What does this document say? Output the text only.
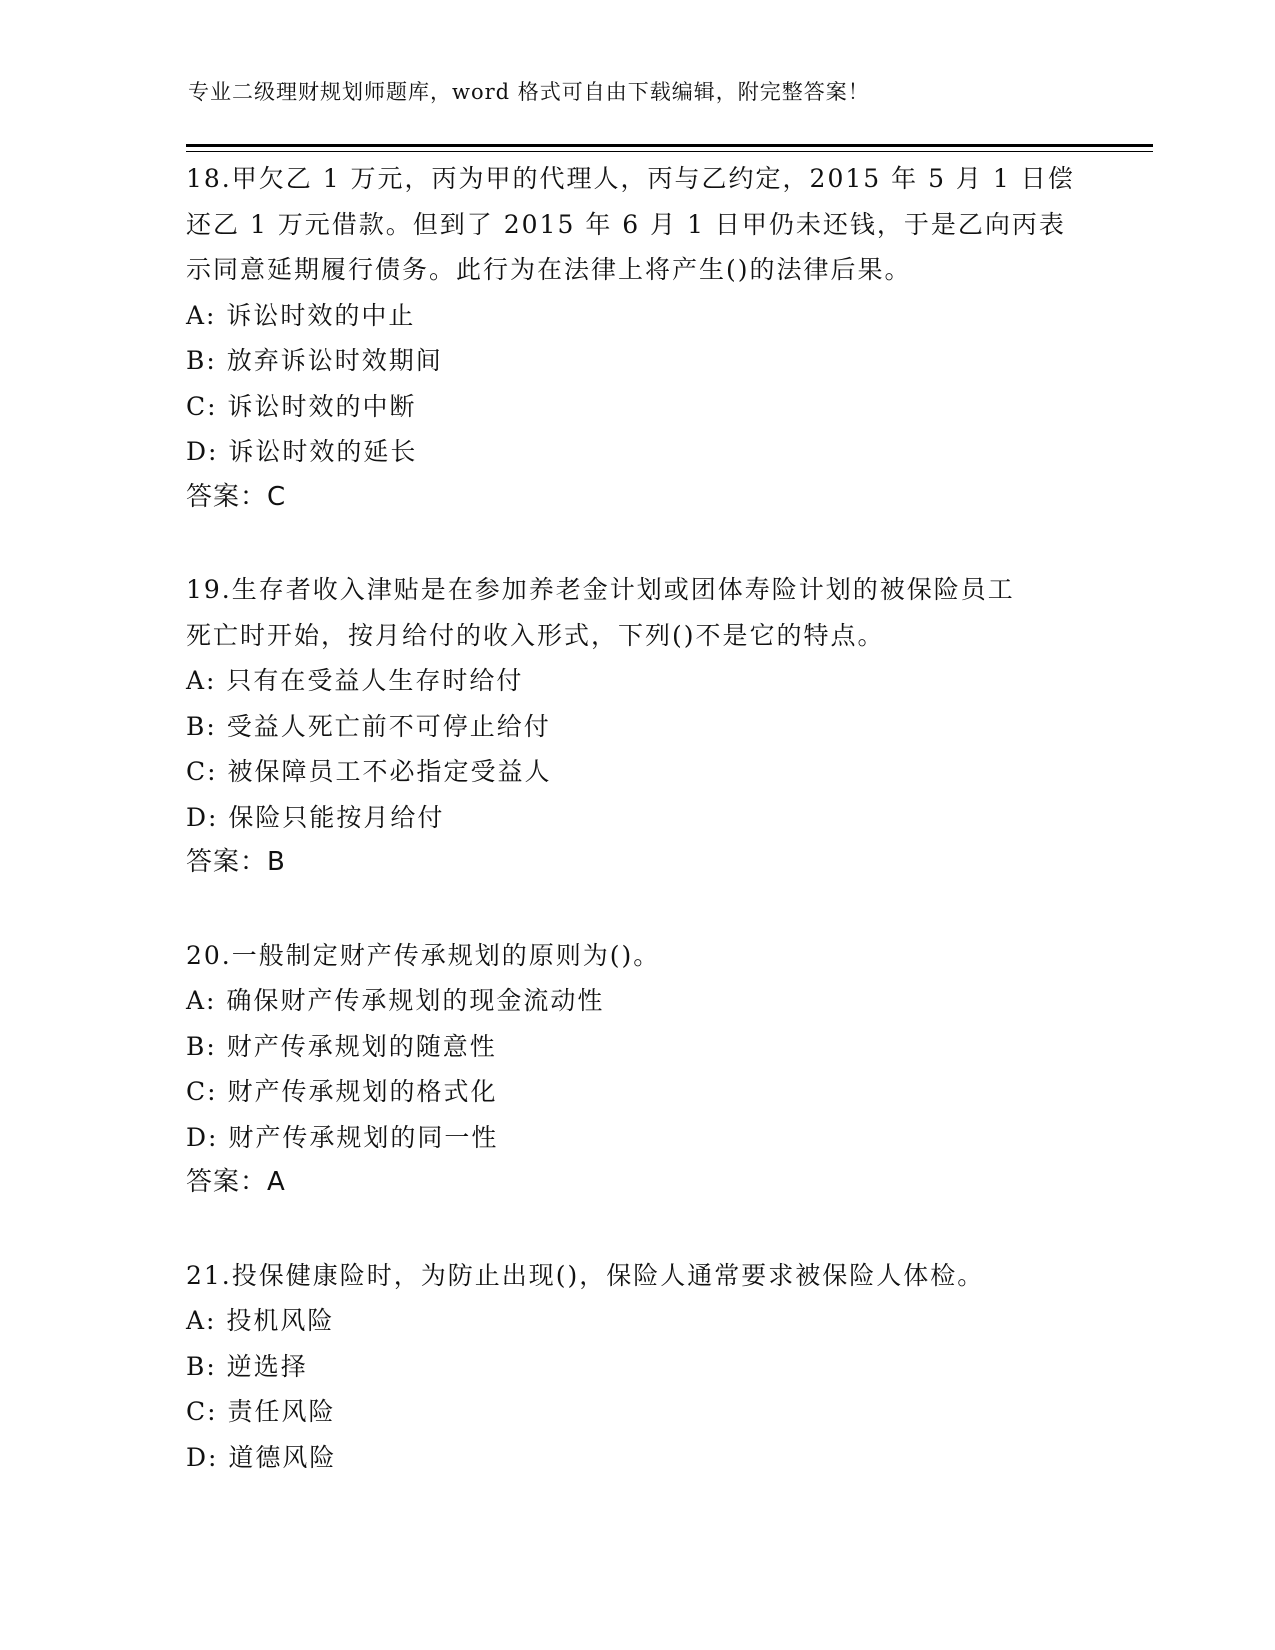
专业二级理财规划师题库，word 格式可自由下载编辑，附完整答案！
18.甲欠乙 1 万元，丙为甲的代理人，丙与乙约定，2015 年 5 月 1 日偿
还乙 1 万元借款。但到了 2015 年 6 月 1 日甲仍未还钱，于是乙向丙表
示同意延期履行债务。此行为在法律上将产生()的法律后果。
A: 诉讼时效的中止
B: 放弃诉讼时效期间
C: 诉讼时效的中断
D: 诉讼时效的延长
答案：C
19.生存者收入津贴是在参加养老金计划或团体寿险计划的被保险员工
死亡时开始，按月给付的收入形式，下列()不是它的特点。
A: 只有在受益人生存时给付
B: 受益人死亡前不可停止给付
C: 被保障员工不必指定受益人
D: 保险只能按月给付
答案：B
20.一般制定财产传承规划的原则为()。
A: 确保财产传承规划的现金流动性
B: 财产传承规划的随意性
C: 财产传承规划的格式化
D: 财产传承规划的同一性
答案：A
21.投保健康险时，为防止出现()，保险人通常要求被保险人体检。
A: 投机风险
B: 逆选择
C: 责任风险
D: 道德风险
